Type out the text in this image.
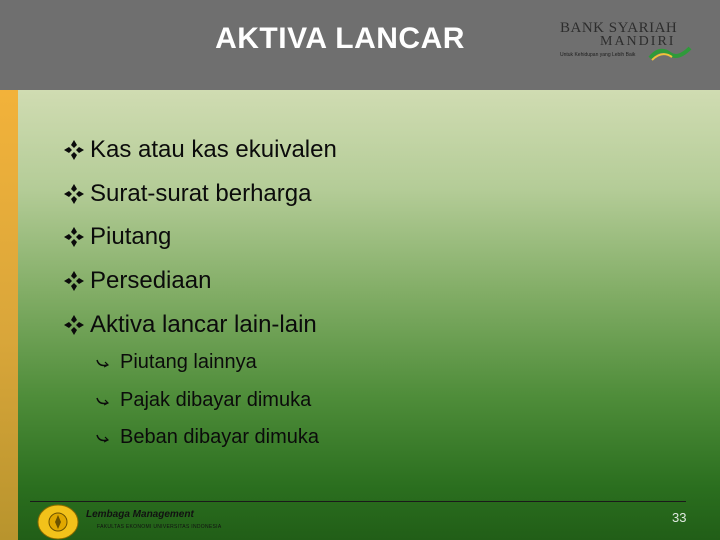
AKTIVA LANCAR	BANK SYARIAH
MANDIRI
Untuk Kehidupan yang Lebih Baik
Kas atau kas ekuivalen
Surat-surat berharga
Piutang
Persediaan
Aktiva lancar lain-lain
Piutang lainnya
Pajak dibayar dimuka
Beban dibayar dimuka
Lembaga Management
FAKULTAS EKONOMI UNIVERSITAS INDONESIA
33
